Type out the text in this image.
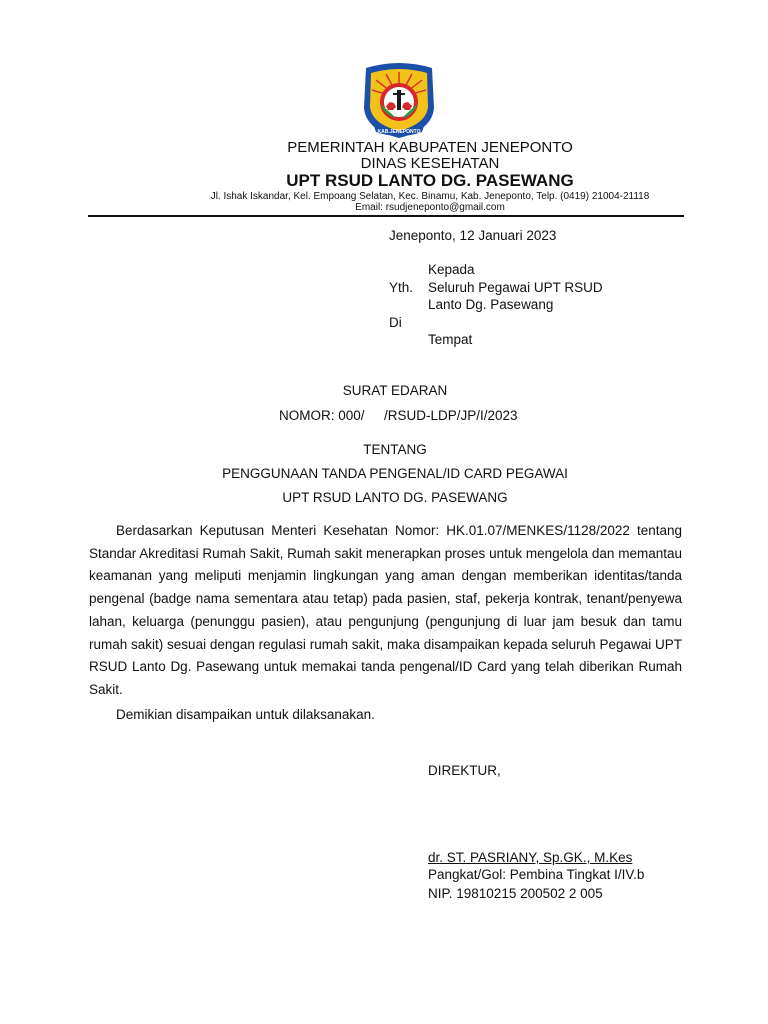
KAB.JENEPONTO
PEMERINTAH KABUPATEN JENEPONTO
DINAS KESEHATAN
UPT RSUD LANTO DG. PASEWANG
Jl. Ishak Iskandar, Kel. Empoang Selatan, Kec. Binamu, Kab. Jeneponto, Telp. (0419) 21004-21118
Email: rsudjeneponto@gmail.com
Jeneponto, 12 Januari 2023
Kepada
Yth. Seluruh Pegawai UPT RSUD
Lanto Dg. Pasewang
Di
Tempat
SURAT EDARAN
NOMOR: 000/ /RSUD-LDP/JP/I/2023
TENTANG
PENGGUNAAN TANDA PENGENAL/ID CARD PEGAWAI
UPT RSUD LANTO DG. PASEWANG
Berdasarkan Keputusan Menteri Kesehatan Nomor: HK.01.07/MENKES/1128/2022 tentang Standar Akreditasi Rumah Sakit, Rumah sakit menerapkan proses untuk mengelola dan memantau keamanan yang meliputi menjamin lingkungan yang aman dengan memberikan identitas/tanda pengenal (badge nama sementara atau tetap) pada pasien, staf, pekerja kontrak, tenant/penyewa lahan, keluarga (penunggu pasien), atau pengunjung (pengunjung di luar jam besuk dan tamu rumah sakit) sesuai dengan regulasi rumah sakit, maka disampaikan kepada seluruh Pegawai UPT RSUD Lanto Dg. Pasewang untuk memakai tanda pengenal/ID Card yang telah diberikan Rumah Sakit.
Demikian disampaikan untuk dilaksanakan.
DIREKTUR,
dr. ST. PASRIANY, Sp.GK., M.Kes
Pangkat/Gol: Pembina Tingkat I/IV.b
NIP. 19810215 200502 2 005
